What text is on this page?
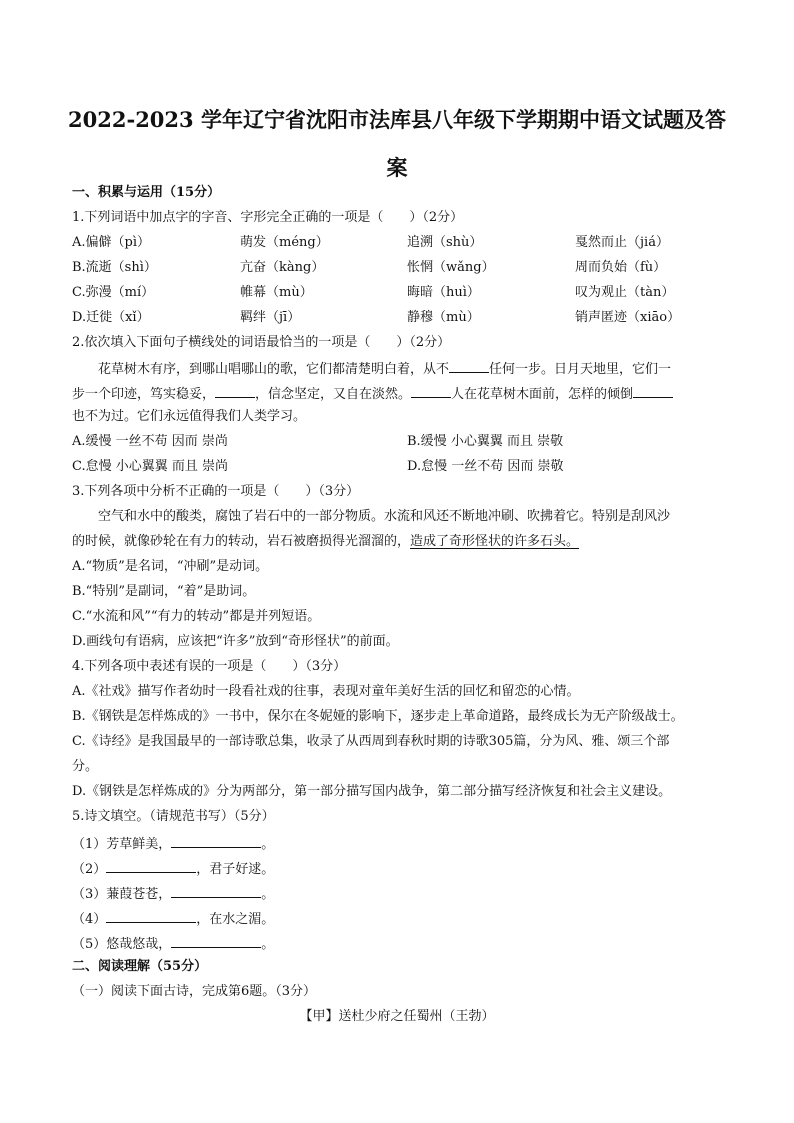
2022-2023 学年辽宁省沈阳市法库县八年级下学期期中语文试题及答
案
一、积累与运用（15分）
1.下列词语中加点字的字音、字形完全正确的一项是（　　）（2分）
A.偏僻（pì）	萌发（méng）	追溯（shù）	戛然而止（jiá）
B.流逝（shì）	亢奋（kàng）	怅惘（wǎng）	周而负始（fù）
C.弥漫（mí）	帷幕（mù）	晦暗（huì）	叹为观止（tàn）
D.迁徙（xǐ）	羁绊（jī）	静穆（mù）	销声匿迹（xiāo）
2.依次填入下面句子横线处的词语最恰当的一项是（　　）（2分）
花草树木有序，到哪山唱哪山的歌，它们都清楚明白着，从不	任何一步。日月天地里，它们一
步一个印迹，笃实稳妥，	，信念坚定，又自在淡然。	人在花草树木面前，怎样的倾倒
也不为过。它们永远值得我们人类学习。
A.缓慢 一丝不苟 因而 崇尚	B.缓慢 小心翼翼 而且 崇敬
C.怠慢 小心翼翼 而且 崇尚	D.怠慢 一丝不苟 因而 崇敬
3.下列各项中分析不正确的一项是（　　）（3分）
空气和水中的酸类，腐蚀了岩石中的一部分物质。水流和风还不断地冲刷、吹拂着它。特别是刮风沙
的时候，就像砂轮在有力的转动，岩石被磨损得光溜溜的，造成了奇形怪状的许多石头。
A.“物质”是名词，“冲刷”是动词。
B.“特别”是副词，“着”是助词。
C.“水流和风”“有力的转动”都是并列短语。
D.画线句有语病，应该把“许多”放到“奇形怪状”的前面。
4.下列各项中表述有误的一项是（　　）（3分）
A.《社戏》描写作者幼时一段看社戏的往事，表现对童年美好生活的回忆和留恋的心情。
B.《钢铁是怎样炼成的》一书中，保尔在冬妮娅的影响下，逐步走上革命道路，最终成长为无产阶级战士。
C.《诗经》是我国最早的一部诗歌总集，收录了从西周到春秋时期的诗歌305篇，分为风、雅、颂三个部
分。
D.《钢铁是怎样炼成的》分为两部分，第一部分描写国内战争，第二部分描写经济恢复和社会主义建设。
5.诗文填空。（请规范书写）（5分）
（1）芳草鲜美，	。
（2）	，君子好逑。
（3）蒹葭苍苍，	。
（4）	，在水之湄。
（5）悠哉悠哉，	。
二、阅读理解（55分）
（一）阅读下面古诗，完成第6题。（3分）
【甲】送杜少府之任蜀州（王勃）
